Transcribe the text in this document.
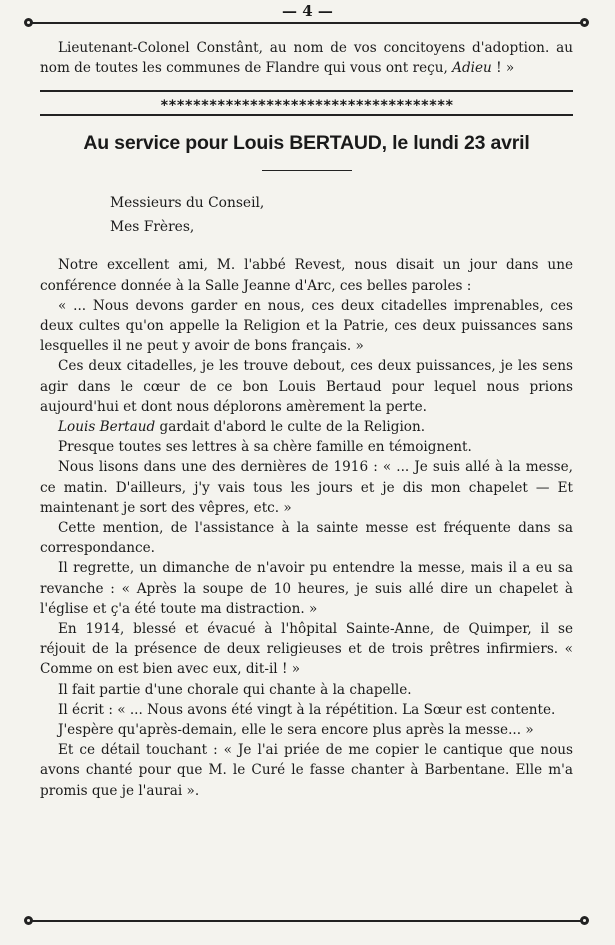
— 4 —

Lieutenant-Colonel Constânt, au nom de vos concitoyens d'adoption. au nom de toutes les communes de Flandre qui vous ont reçu, Adieu ! »

∗∗∗∗∗∗∗∗∗∗∗∗∗∗∗∗∗∗∗∗∗∗∗∗∗∗∗∗∗∗∗∗∗∗∗∗
Au service pour Louis BERTAUD, le lundi 23 avril

Messieurs du Conseil,

Mes Frères,

Notre excellent ami, M. l'abbé Revest, nous disait un jour dans une conférence donnée à la Salle Jeanne d'Arc, ces belles paroles :

« ... Nous devons garder en nous, ces deux citadelles imprenables, ces deux cultes qu'on appelle la Religion et la Patrie, ces deux puissances sans lesquelles il ne peut y avoir de bons français. »

Ces deux citadelles, je les trouve debout, ces deux puissances, je les sens agir dans le cœur de ce bon Louis Bertaud pour lequel nous prions aujourd'hui et dont nous déplorons amèrement la perte.

Louis Bertaud gardait d'abord le culte de la Religion.

Presque toutes ses lettres à sa chère famille en témoignent.

Nous lisons dans une des dernières de 1916 : « ... Je suis allé à la messe, ce matin. D'ailleurs, j'y vais tous les jours et je dis mon chapelet — Et maintenant je sort des vêpres, etc. »

Cette mention, de l'assistance à la sainte messe est fréquente dans sa correspondance.

Il regrette, un dimanche de n'avoir pu entendre la messe, mais il a eu sa revanche : « Après la soupe de 10 heures, je suis allé dire un chapelet à l'église et ç'a été toute ma distraction. »

En 1914, blessé et évacué à l'hôpital Sainte-Anne, de Quimper, il se réjouit de la présence de deux religieuses et de trois prêtres infirmiers. « Comme on est bien avec eux, dit-il ! »

Il fait partie d'une chorale qui chante à la chapelle.

Il écrit : « ... Nous avons été vingt à la répétition. La Sœur est contente.

J'espère qu'après-demain, elle le sera encore plus après la messe... »

Et ce détail touchant : « Je l'ai priée de me copier le cantique que nous avons chanté pour que M. le Curé le fasse chanter à Barbentane. Elle m'a promis que je l'aurai ».
